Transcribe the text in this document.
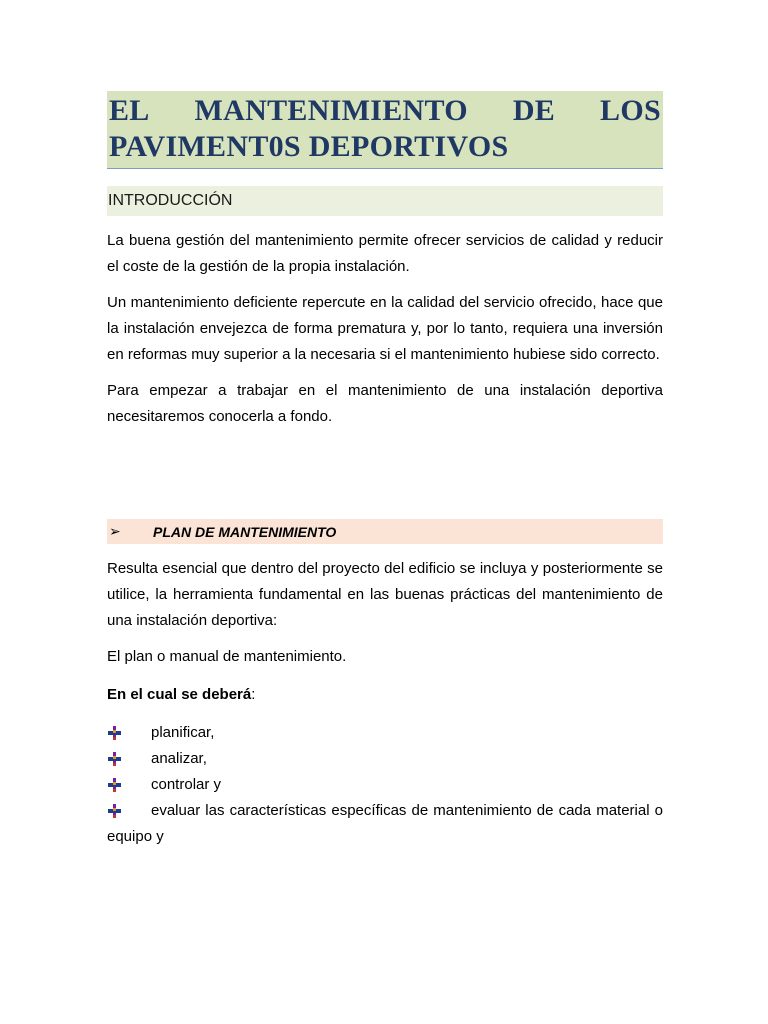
EL MANTENIMIENTO DE LOS
PAVIMENT0S DEPORTIVOS
INTRODUCCIÓN

La buena gestión del mantenimiento permite ofrecer servicios de calidad y reducir el coste de la gestión de la propia instalación.

Un mantenimiento deficiente repercute en la calidad del servicio ofrecido, hace que la instalación envejezca de forma prematura y, por lo tanto, requiera una inversión en reformas muy superior a la necesaria si el mantenimiento hubiese sido correcto.

Para empezar a trabajar en el mantenimiento de una instalación deportiva necesitaremos conocerla a fondo.

➢	PLAN DE MANTENIMIENTO

Resulta esencial que dentro del proyecto del edificio se incluya y posteriormente se utilice, la herramienta fundamental en las buenas prácticas del mantenimiento de una instalación deportiva:

El plan o manual de mantenimiento.

En el cual se deberá:

planificar,
analizar,
controlar y
evaluar las características específicas de mantenimiento de cada material o equipo y
